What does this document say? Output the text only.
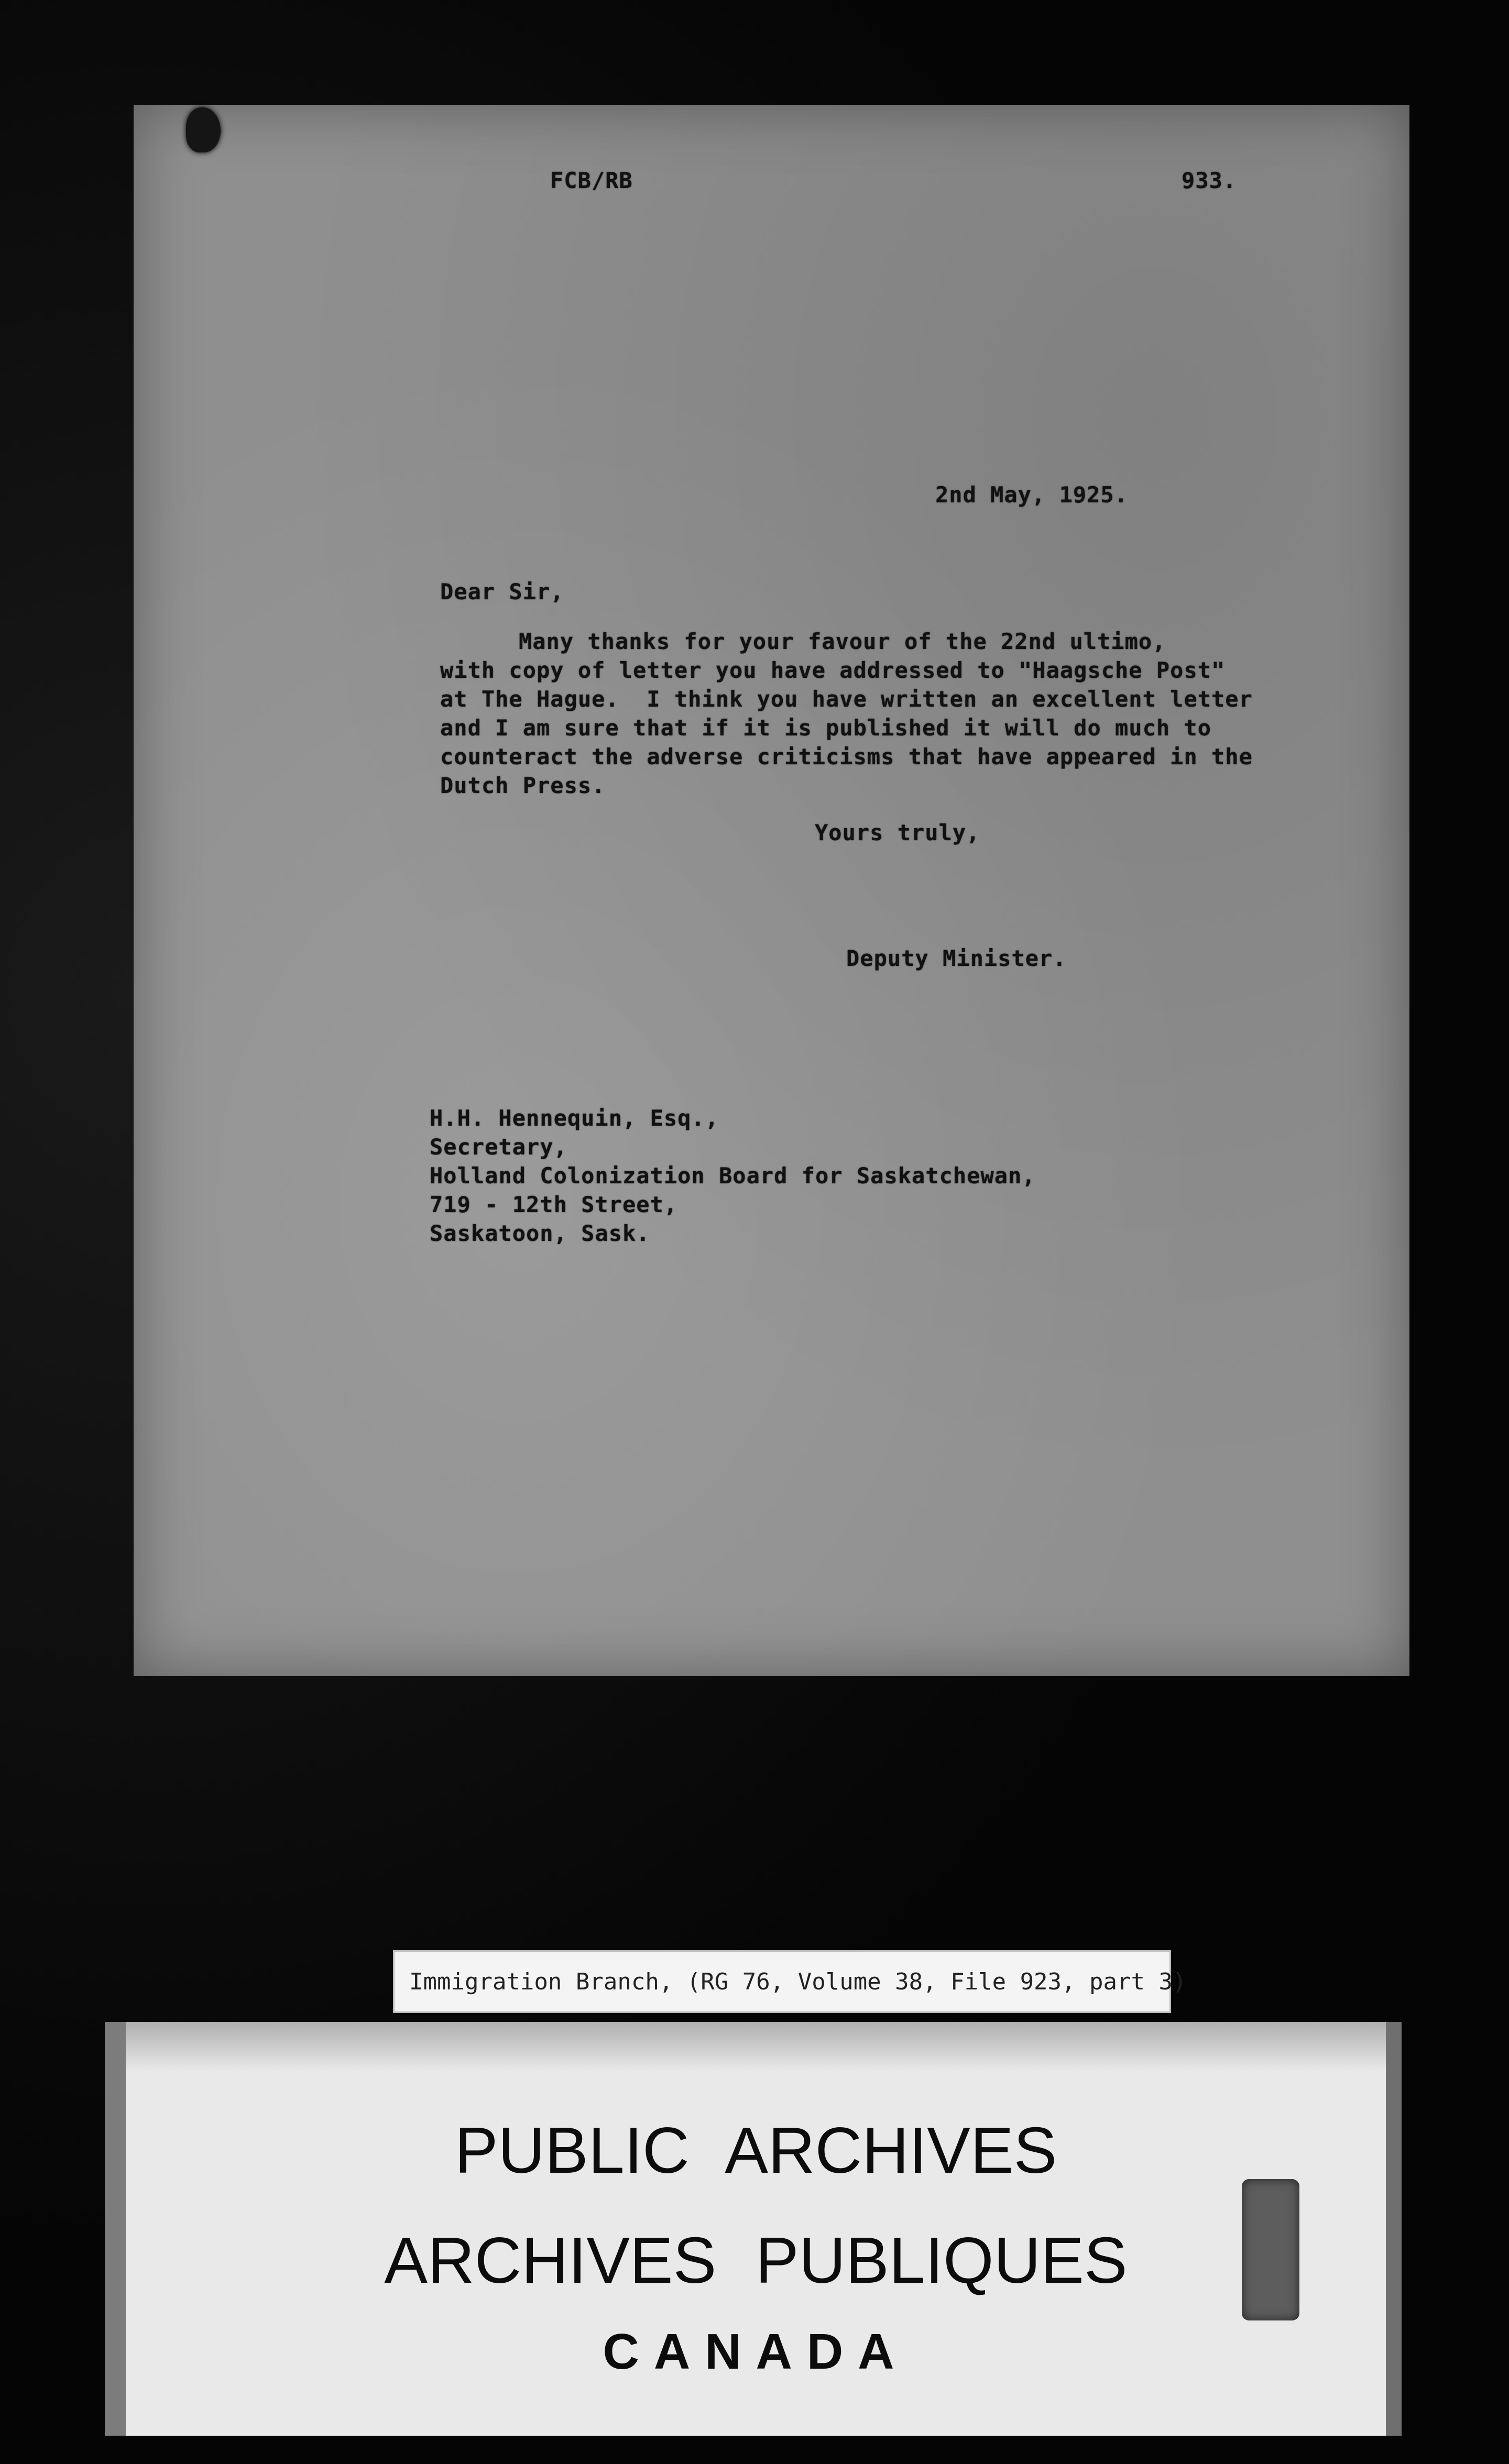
FCB/RB	933.
2nd May, 1925.
Dear Sir,
Many thanks for your favour of the 22nd ultimo,
with copy of letter you have addressed to "Haagsche Post"
at The Hague.  I think you have written an excellent letter
and I am sure that if it is published it will do much to
counteract the adverse criticisms that have appeared in the
Dutch Press.
Yours truly,
Deputy Minister.
H.H. Hennequin, Esq.,
Secretary,
Holland Colonization Board for Saskatchewan,
719 - 12th Street,
Saskatoon, Sask.
Immigration Branch, (RG 76, Volume 38, File 923, part 3)
PUBLIC ARCHIVES
ARCHIVES PUBLIQUES
CANADA
